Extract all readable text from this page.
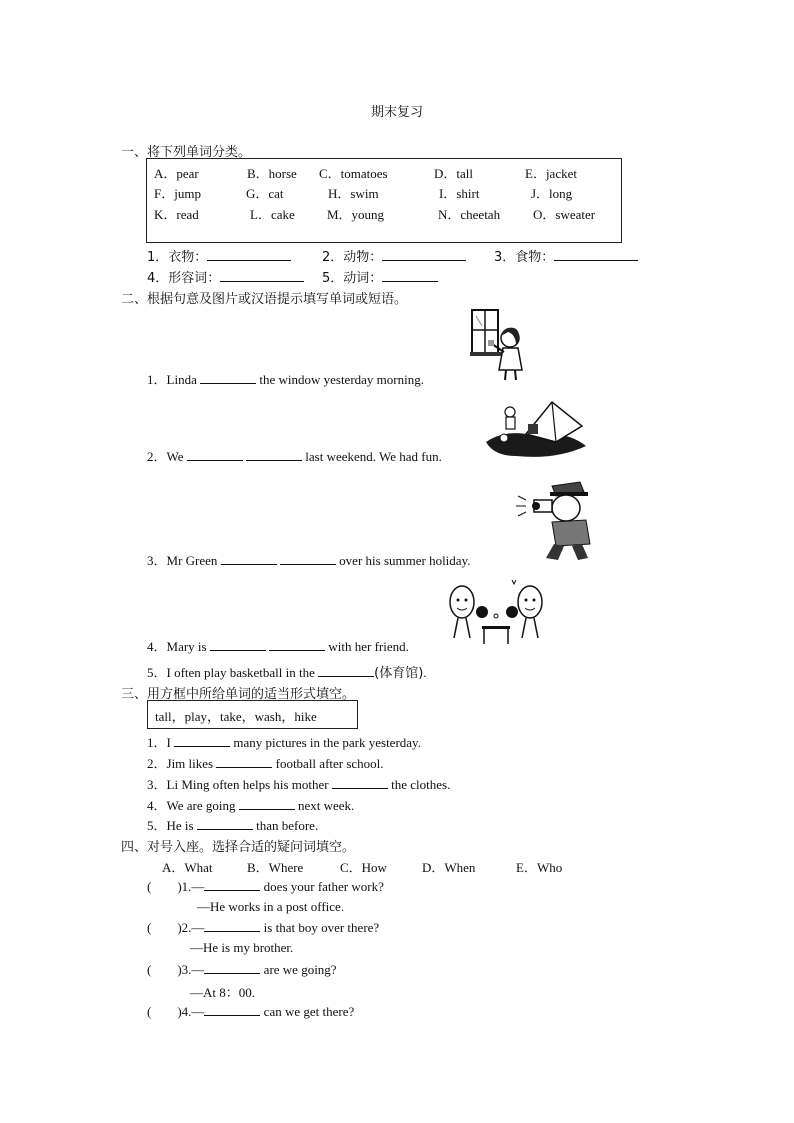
期末复习
一、将下列单词分类。
A．pear	B．horse C．tomatoes	D．tall	E．jacket
F．jump	G．cat	H．swim	I．shirt	J．long
K．read	L．cake M．young	N．cheetah	O．sweater
1．衣物：	2．动物：	3．食物：
4．形容词：	5．动词：
二、根据句意及图片或汉语提示填写单词或短语。
1．Linda	the window yesterday morning.
2．We	last weekend. We had fun.
3．Mr Green	over his summer holiday.
4．Mary is	with her friend.
5．I often play basketball in the	(体育馆).
三、用方框中所给单词的适当形式填空。
tall，play，take，wash，hike
1．I	many pictures in the park yesterday.
2．Jim likes	football after school.
3．Li Ming often helps his mother	the clothes.
4．We are going	next week.
5．He is	than before.
四、对号入座。选择合适的疑问词填空。
A．What	B．Where	C．How	D．When	E．Who
(        )1.—	does your father work?
—He works in a post office.
(        )2.—	is that boy over there?
—He is my brother.
(        )3.—	are we going?
—At 8：00.
(        )4.—	can we get there?
